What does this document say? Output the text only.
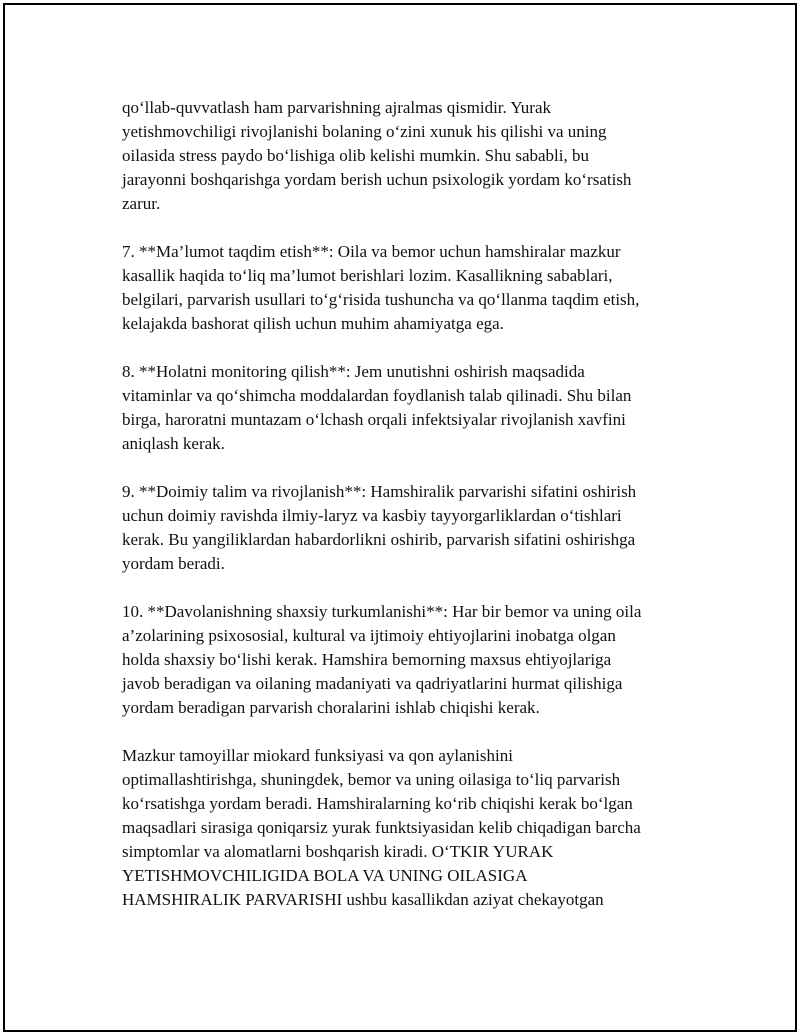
qo‘llab-quvvatlash ham parvarishning ajralmas qismidir. Yurak
yetishmovchiligi rivojlanishi bolaning o‘zini xunuk his qilishi va uning
oilasida stress paydo bo‘lishiga olib kelishi mumkin. Shu sababli, bu
jarayonni boshqarishga yordam berish uchun psixologik yordam ko‘rsatish
zarur.

7. **Ma’lumot taqdim etish**: Oila va bemor uchun hamshiralar mazkur
kasallik haqida to‘liq ma’lumot berishlari lozim. Kasallikning sabablari,
belgilari, parvarish usullari to‘g‘risida tushuncha va qo‘llanma taqdim etish,
kelajakda bashorat qilish uchun muhim ahamiyatga ega.

8. **Holatni monitoring qilish**: Jem unutishni oshirish maqsadida
vitaminlar va qo‘shimcha moddalardan foydlanish talab qilinadi. Shu bilan
birga, haroratni muntazam o‘lchash orqali infektsiyalar rivojlanish xavfini
aniqlash kerak.

9. **Doimiy talim va rivojlanish**: Hamshiralik parvarishi sifatini oshirish
uchun doimiy ravishda ilmiy-laryz va kasbiy tayyorgarliklardan o‘tishlari
kerak. Bu yangiliklardan habardorlikni oshirib, parvarish sifatini oshirishga
yordam beradi.

10. **Davolanishning shaxsiy turkumlanishi**: Har bir bemor va uning oila
a’zolarining psixososial, kultural va ijtimoiy ehtiyojlarini inobatga olgan
holda shaxsiy bo‘lishi kerak. Hamshira bemorning maxsus ehtiyojlariga
javob beradigan va oilaning madaniyati va qadriyatlarini hurmat qilishiga
yordam beradigan parvarish choralarini ishlab chiqishi kerak.

Mazkur tamoyillar miokard funksiyasi va qon aylanishini
optimallashtirishga, shuningdek, bemor va uning oilasiga to‘liq parvarish
ko‘rsatishga yordam beradi. Hamshiralarning ko‘rib chiqishi kerak bo‘lgan
maqsadlari sirasiga qoniqarsiz yurak funktsiyasidan kelib chiqadigan barcha
simptomlar va alomatlarni boshqarish kiradi. O‘TKIR YURAK
YETISHMOVCHILIGIDA BOLA VA UNING OILASIGA
HAMSHIRALIK PARVARISHI ushbu kasallikdan aziyat chekayotgan
